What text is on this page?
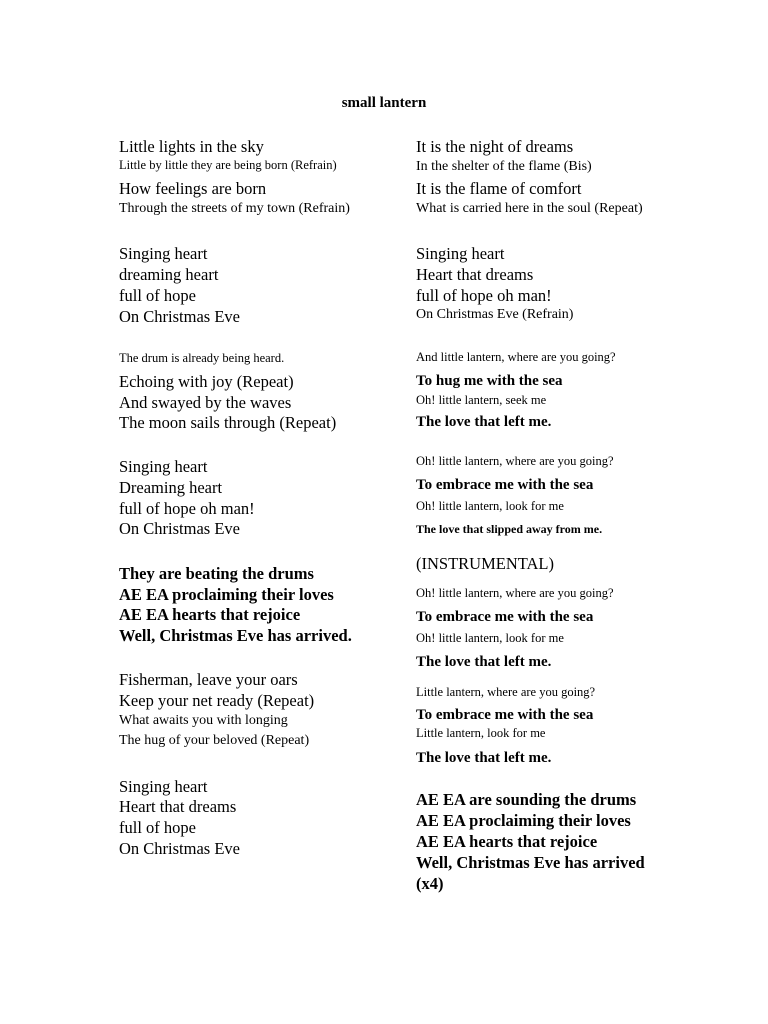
small lantern
Little lights in the sky
Little by little they are being born (Refrain)
How feelings are born
Through the streets of my town (Refrain)
Singing heart
dreaming heart
full of hope
On Christmas Eve
The drum is already being heard.
Echoing with joy (Repeat)
And swayed by the waves
The moon sails through (Repeat)
Singing heart
Dreaming heart
full of hope oh man!
On Christmas Eve
They are beating the drums
AE EA proclaiming their loves
AE EA hearts that rejoice
Well, Christmas Eve has arrived.
Fisherman, leave your oars
Keep your net ready (Repeat)
What awaits you with longing
The hug of your beloved (Repeat)
Singing heart
Heart that dreams
full of hope
On Christmas Eve
It is the night of dreams
In the shelter of the flame (Bis)
It is the flame of comfort
What is carried here in the soul (Repeat)
Singing heart
Heart that dreams
full of hope oh man!
On Christmas Eve (Refrain)
And little lantern, where are you going?
To hug me with the sea
Oh! little lantern, seek me
The love that left me.
Oh! little lantern, where are you going?
To embrace me with the sea
Oh! little lantern, look for me
The love that slipped away from me.
(INSTRUMENTAL)
Oh! little lantern, where are you going?
To embrace me with the sea
Oh! little lantern, look for me
The love that left me.
Little lantern, where are you going?
To embrace me with the sea
Little lantern, look for me
The love that left me.
AE EA are sounding the drums
AE EA proclaiming their loves
AE EA hearts that rejoice
Well, Christmas Eve has arrived
(x4)
